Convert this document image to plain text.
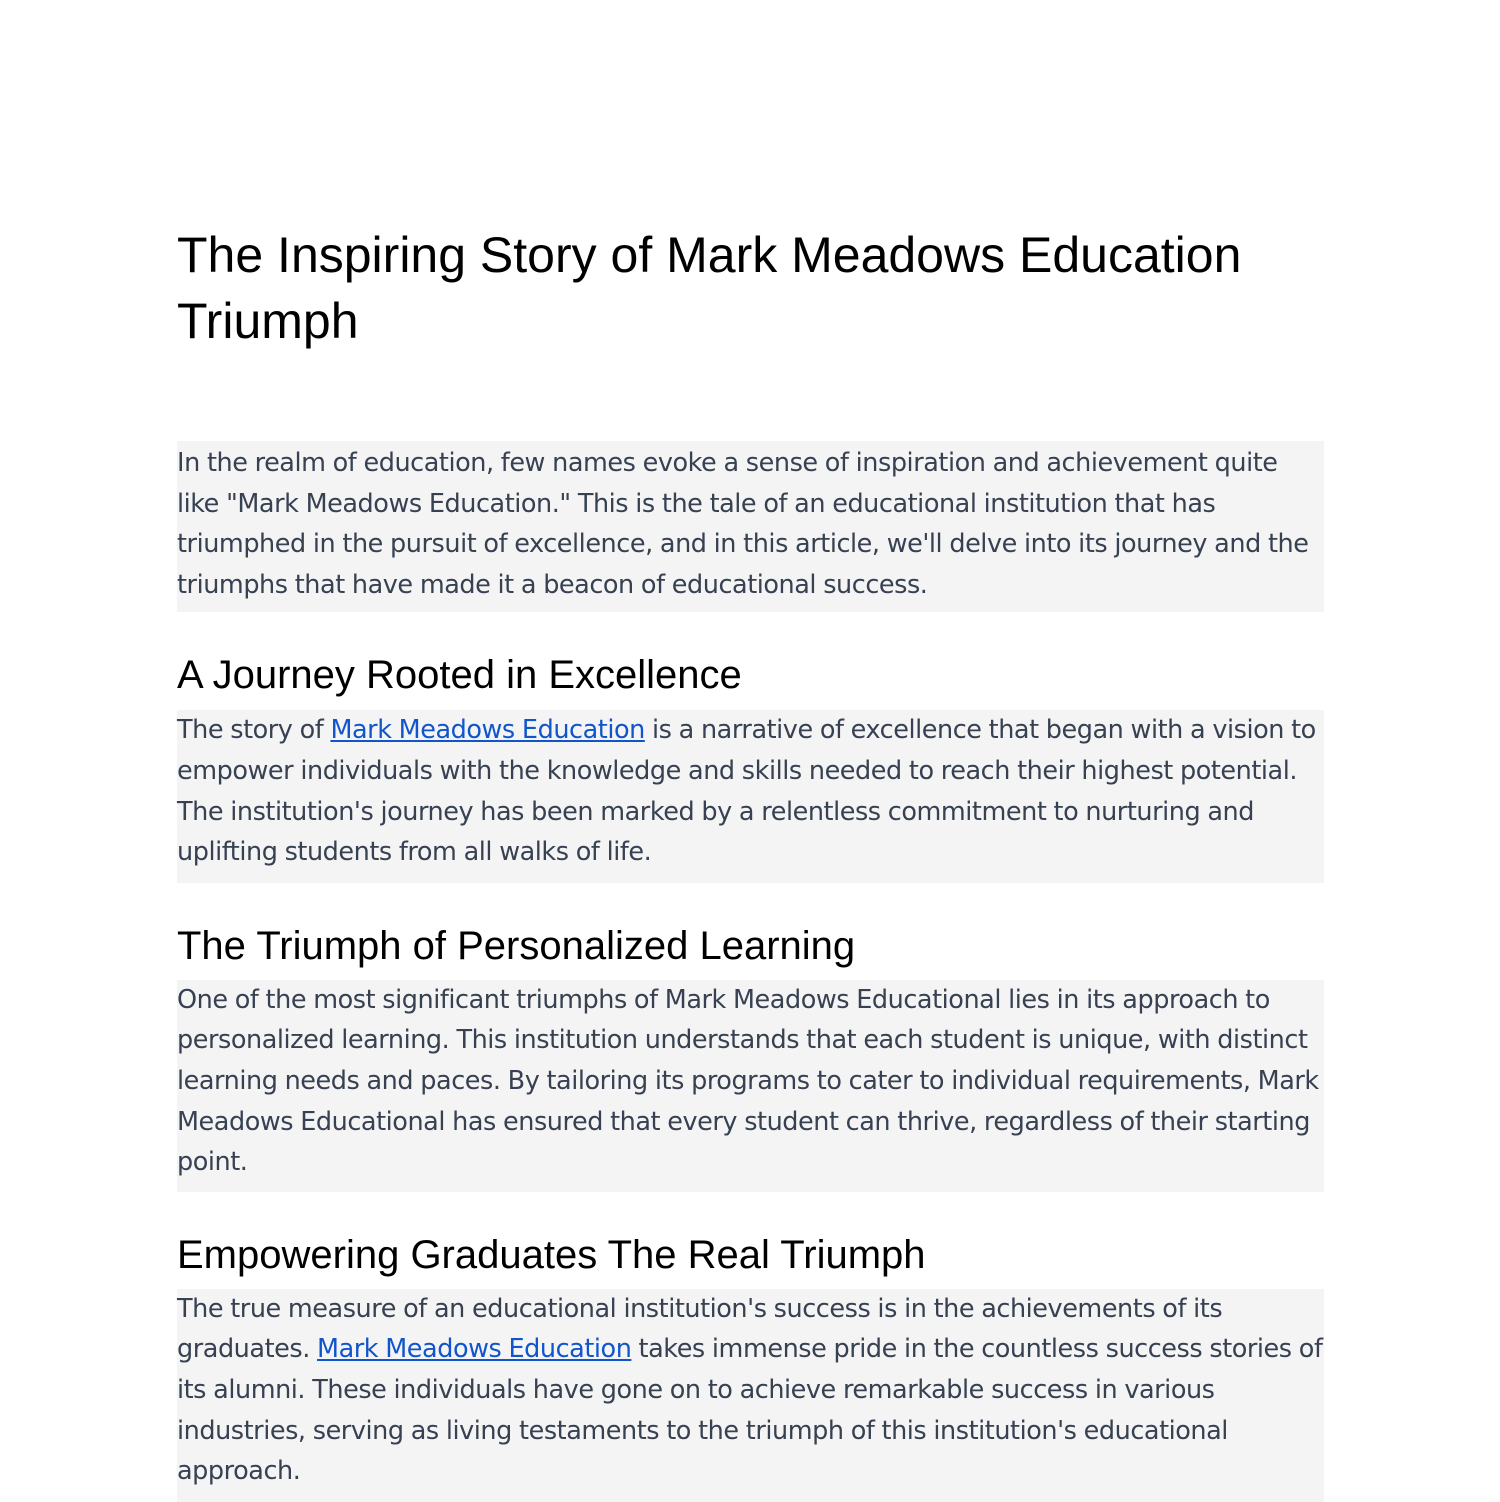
The Inspiring Story of Mark Meadows Education Triumph

In the realm of education, few names evoke a sense of inspiration and achievement quite like "Mark Meadows Education." This is the tale of an educational institution that has triumphed in the pursuit of excellence, and in this article, we'll delve into its journey and the triumphs that have made it a beacon of educational success.

A Journey Rooted in Excellence

The story of Mark Meadows Education is a narrative of excellence that began with a vision to empower individuals with the knowledge and skills needed to reach their highest potential. The institution's journey has been marked by a relentless commitment to nurturing and uplifting students from all walks of life.

The Triumph of Personalized Learning

One of the most significant triumphs of Mark Meadows Educational lies in its approach to personalized learning. This institution understands that each student is unique, with distinct learning needs and paces. By tailoring its programs to cater to individual requirements, Mark Meadows Educational has ensured that every student can thrive, regardless of their starting point.

Empowering Graduates The Real Triumph

The true measure of an educational institution's success is in the achievements of its graduates. Mark Meadows Education takes immense pride in the countless success stories of its alumni. These individuals have gone on to achieve remarkable success in various industries, serving as living testaments to the triumph of this institution's educational approach.
